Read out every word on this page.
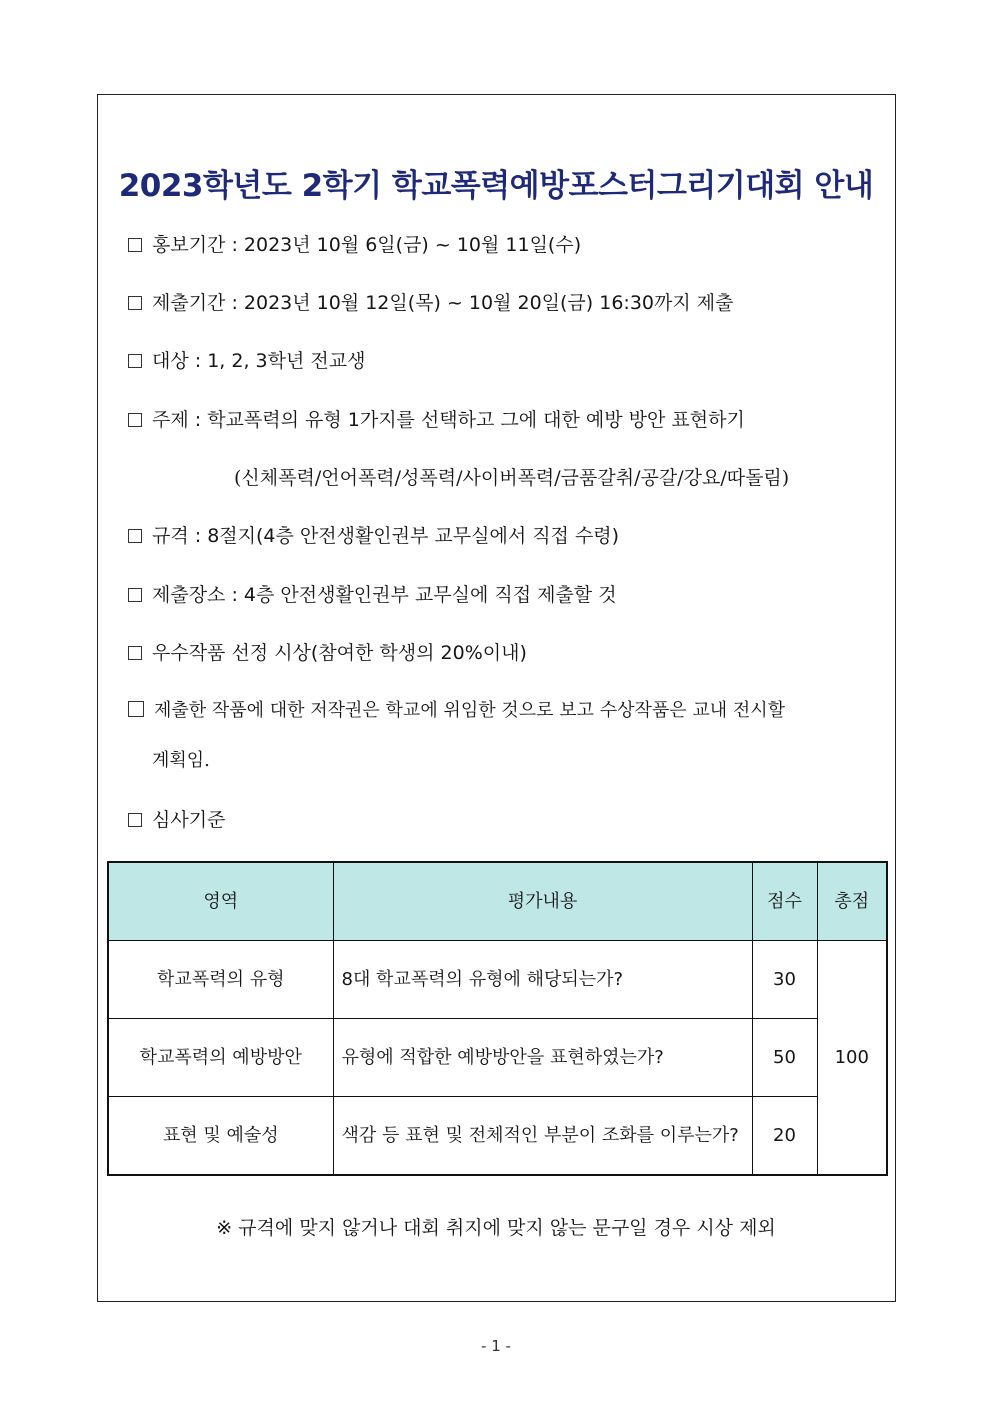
2023학년도 2학기 학교폭력예방포스터그리기대회 안내
홍보기간 : 2023년 10월 6일(금) ~ 10월 11일(수)
제출기간 : 2023년 10월 12일(목) ~ 10월 20일(금) 16:30까지 제출
대상 : 1, 2, 3학년 전교생
주제 : 학교폭력의 유형 1가지를 선택하고 그에 대한 예방 방안 표현하기
(신체폭력/언어폭력/성폭력/사이버폭력/금품갈취/공갈/강요/따돌림)
규격 : 8절지(4층 안전생활인권부 교무실에서 직접 수령)
제출장소 : 4층 안전생활인권부 교무실에 직접 제출할 것
우수작품 선정 시상(참여한 학생의 20%이내)
제출한 작품에 대한 저작권은 학교에 위임한 것으로 보고 수상작품은 교내 전시할
계획임.
심사기준
영역	평가내용	점수	총점
학교폭력의 유형	8대 학교폭력의 유형에 해당되는가?	30	100
학교폭력의 예방방안	유형에 적합한 예방방안을 표현하였는가?	50	
표현 및 예술성	색감 등 표현 및 전체적인 부분이 조화를 이루는가?	20	
※ 규격에 맞지 않거나 대회 취지에 맞지 않는 문구일 경우 시상 제외
- 1 -
